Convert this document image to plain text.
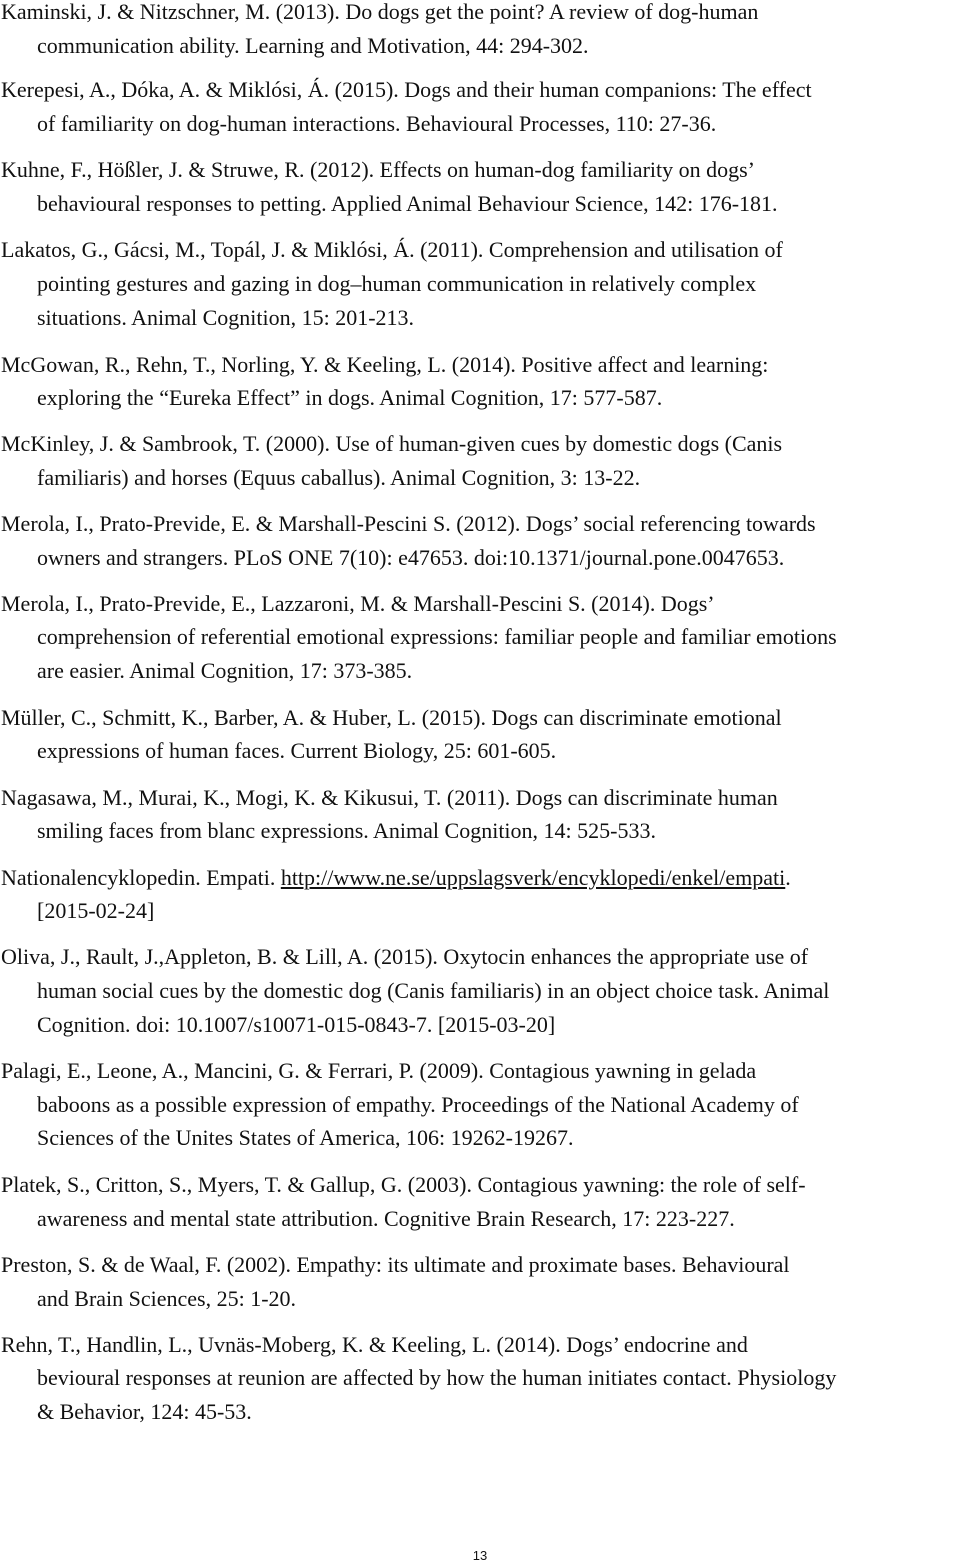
Kaminski, J. & Nitzschner, M. (2013). Do dogs get the point? A review of dog-human
communication ability. Learning and Motivation, 44: 294-302.
Kerepesi, A., Dóka, A. & Miklósi, Á. (2015). Dogs and their human companions: The effect
of familiarity on dog-human interactions. Behavioural Processes, 110: 27-36.
Kuhne, F., Hößler, J. & Struwe, R. (2012). Effects on human-dog familiarity on dogs’
behavioural responses to petting. Applied Animal Behaviour Science, 142: 176-181.
Lakatos, G., Gácsi, M., Topál, J. & Miklósi, Á. (2011). Comprehension and utilisation of
pointing gestures and gazing in dog–human communication in relatively complex
situations. Animal Cognition, 15: 201-213.
McGowan, R., Rehn, T., Norling, Y. & Keeling, L. (2014). Positive affect and learning:
exploring the “Eureka Effect” in dogs. Animal Cognition, 17: 577-587.
McKinley, J. & Sambrook, T. (2000). Use of human-given cues by domestic dogs (Canis
familiaris) and horses (Equus caballus). Animal Cognition, 3: 13-22.
Merola, I., Prato-Previde, E. & Marshall-Pescini S. (2012). Dogs’ social referencing towards
owners and strangers. PLoS ONE 7(10): e47653. doi:10.1371/journal.pone.0047653.
Merola, I., Prato-Previde, E., Lazzaroni, M. & Marshall-Pescini S. (2014). Dogs’
comprehension of referential emotional expressions: familiar people and familiar emotions
are easier. Animal Cognition, 17: 373-385.
Müller, C., Schmitt, K., Barber, A. & Huber, L. (2015). Dogs can discriminate emotional
expressions of human faces. Current Biology, 25: 601-605.
Nagasawa, M., Murai, K., Mogi, K. & Kikusui, T. (2011). Dogs can discriminate human
smiling faces from blanc expressions. Animal Cognition, 14: 525-533.
Nationalencyklopedin. Empati. http://www.ne.se/uppslagsverk/encyklopedi/enkel/empati.
[2015-02-24]
Oliva, J., Rault, J.,Appleton, B. & Lill, A. (2015). Oxytocin enhances the appropriate use of
human social cues by the domestic dog (Canis familiaris) in an object choice task. Animal
Cognition. doi: 10.1007/s10071-015-0843-7. [2015-03-20]
Palagi, E., Leone, A., Mancini, G. & Ferrari, P. (2009). Contagious yawning in gelada
baboons as a possible expression of empathy. Proceedings of the National Academy of
Sciences of the Unites States of America, 106: 19262-19267.
Platek, S., Critton, S., Myers, T. & Gallup, G. (2003). Contagious yawning: the role of self-
awareness and mental state attribution. Cognitive Brain Research, 17: 223-227.
Preston, S. & de Waal, F. (2002). Empathy: its ultimate and proximate bases. Behavioural
and Brain Sciences, 25: 1-20.
Rehn, T., Handlin, L., Uvnäs-Moberg, K. & Keeling, L. (2014). Dogs’ endocrine and
bevioural responses at reunion are affected by how the human initiates contact. Physiology
& Behavior, 124: 45-53.
13
